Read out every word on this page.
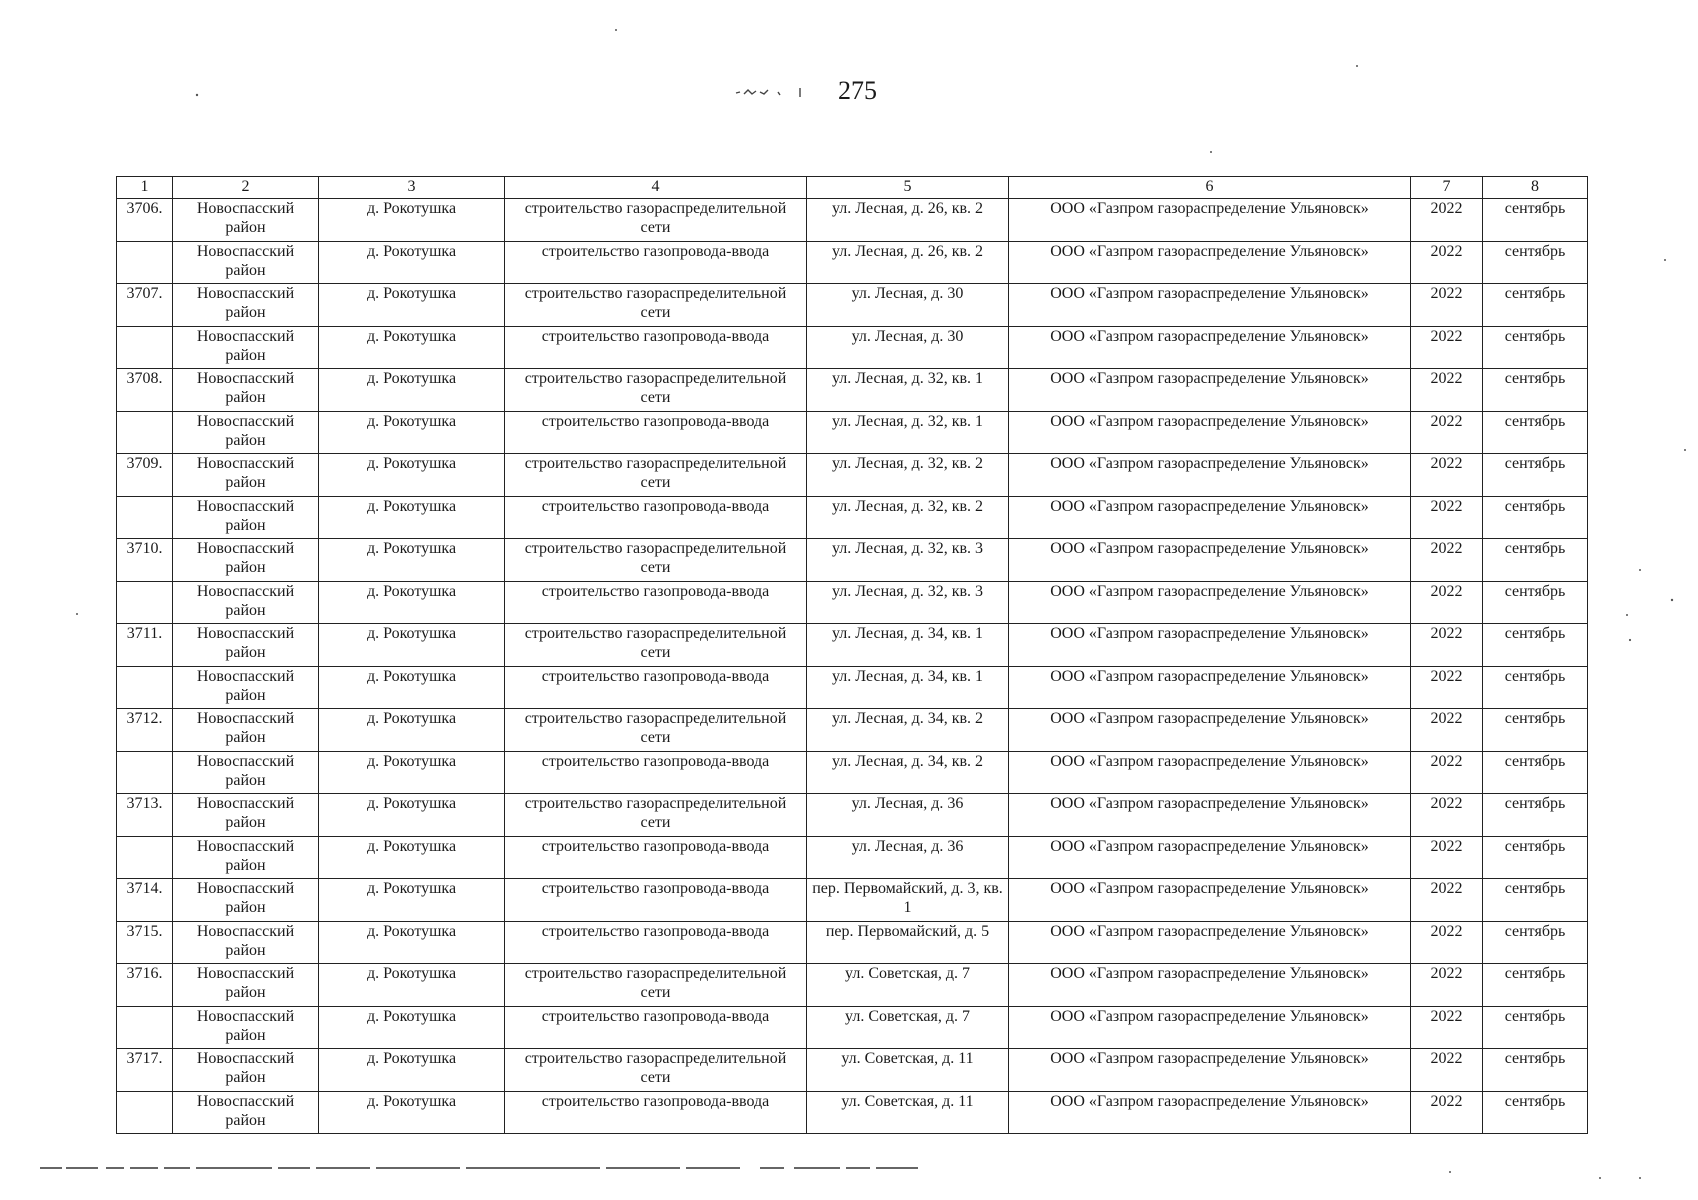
275
1	2	3	4	5	6	7	8
3706.	Новоспасский район	д. Рокотушка	строительство газораспределительной сети	ул. Лесная, д. 26, кв. 2	ООО «Газпром газораспределение Ульяновск»	2022	сентябрь
	Новоспасский район	д. Рокотушка	строительство газопровода-ввода	ул. Лесная, д. 26, кв. 2	ООО «Газпром газораспределение Ульяновск»	2022	сентябрь
3707.	Новоспасский район	д. Рокотушка	строительство газораспределительной сети	ул. Лесная, д. 30	ООО «Газпром газораспределение Ульяновск»	2022	сентябрь
	Новоспасский район	д. Рокотушка	строительство газопровода-ввода	ул. Лесная, д. 30	ООО «Газпром газораспределение Ульяновск»	2022	сентябрь
3708.	Новоспасский район	д. Рокотушка	строительство газораспределительной сети	ул. Лесная, д. 32, кв. 1	ООО «Газпром газораспределение Ульяновск»	2022	сентябрь
	Новоспасский район	д. Рокотушка	строительство газопровода-ввода	ул. Лесная, д. 32, кв. 1	ООО «Газпром газораспределение Ульяновск»	2022	сентябрь
3709.	Новоспасский район	д. Рокотушка	строительство газораспределительной сети	ул. Лесная, д. 32, кв. 2	ООО «Газпром газораспределение Ульяновск»	2022	сентябрь
	Новоспасский район	д. Рокотушка	строительство газопровода-ввода	ул. Лесная, д. 32, кв. 2	ООО «Газпром газораспределение Ульяновск»	2022	сентябрь
3710.	Новоспасский район	д. Рокотушка	строительство газораспределительной сети	ул. Лесная, д. 32, кв. 3	ООО «Газпром газораспределение Ульяновск»	2022	сентябрь
	Новоспасский район	д. Рокотушка	строительство газопровода-ввода	ул. Лесная, д. 32, кв. 3	ООО «Газпром газораспределение Ульяновск»	2022	сентябрь
3711.	Новоспасский район	д. Рокотушка	строительство газораспределительной сети	ул. Лесная, д. 34, кв. 1	ООО «Газпром газораспределение Ульяновск»	2022	сентябрь
	Новоспасский район	д. Рокотушка	строительство газопровода-ввода	ул. Лесная, д. 34, кв. 1	ООО «Газпром газораспределение Ульяновск»	2022	сентябрь
3712.	Новоспасский район	д. Рокотушка	строительство газораспределительной сети	ул. Лесная, д. 34, кв. 2	ООО «Газпром газораспределение Ульяновск»	2022	сентябрь
	Новоспасский район	д. Рокотушка	строительство газопровода-ввода	ул. Лесная, д. 34, кв. 2	ООО «Газпром газораспределение Ульяновск»	2022	сентябрь
3713.	Новоспасский район	д. Рокотушка	строительство газораспределительной сети	ул. Лесная, д. 36	ООО «Газпром газораспределение Ульяновск»	2022	сентябрь
	Новоспасский район	д. Рокотушка	строительство газопровода-ввода	ул. Лесная, д. 36	ООО «Газпром газораспределение Ульяновск»	2022	сентябрь
3714.	Новоспасский район	д. Рокотушка	строительство газопровода-ввода	пер. Первомайский, д. 3, кв. 1	ООО «Газпром газораспределение Ульяновск»	2022	сентябрь
3715.	Новоспасский район	д. Рокотушка	строительство газопровода-ввода	пер. Первомайский, д. 5	ООО «Газпром газораспределение Ульяновск»	2022	сентябрь
3716.	Новоспасский район	д. Рокотушка	строительство газораспределительной сети	ул. Советская, д. 7	ООО «Газпром газораспределение Ульяновск»	2022	сентябрь
	Новоспасский район	д. Рокотушка	строительство газопровода-ввода	ул. Советская, д. 7	ООО «Газпром газораспределение Ульяновск»	2022	сентябрь
3717.	Новоспасский район	д. Рокотушка	строительство газораспределительной сети	ул. Советская, д. 11	ООО «Газпром газораспределение Ульяновск»	2022	сентябрь
	Новоспасский район	д. Рокотушка	строительство газопровода-ввода	ул. Советская, д. 11	ООО «Газпром газораспределение Ульяновск»	2022	сентябрь
